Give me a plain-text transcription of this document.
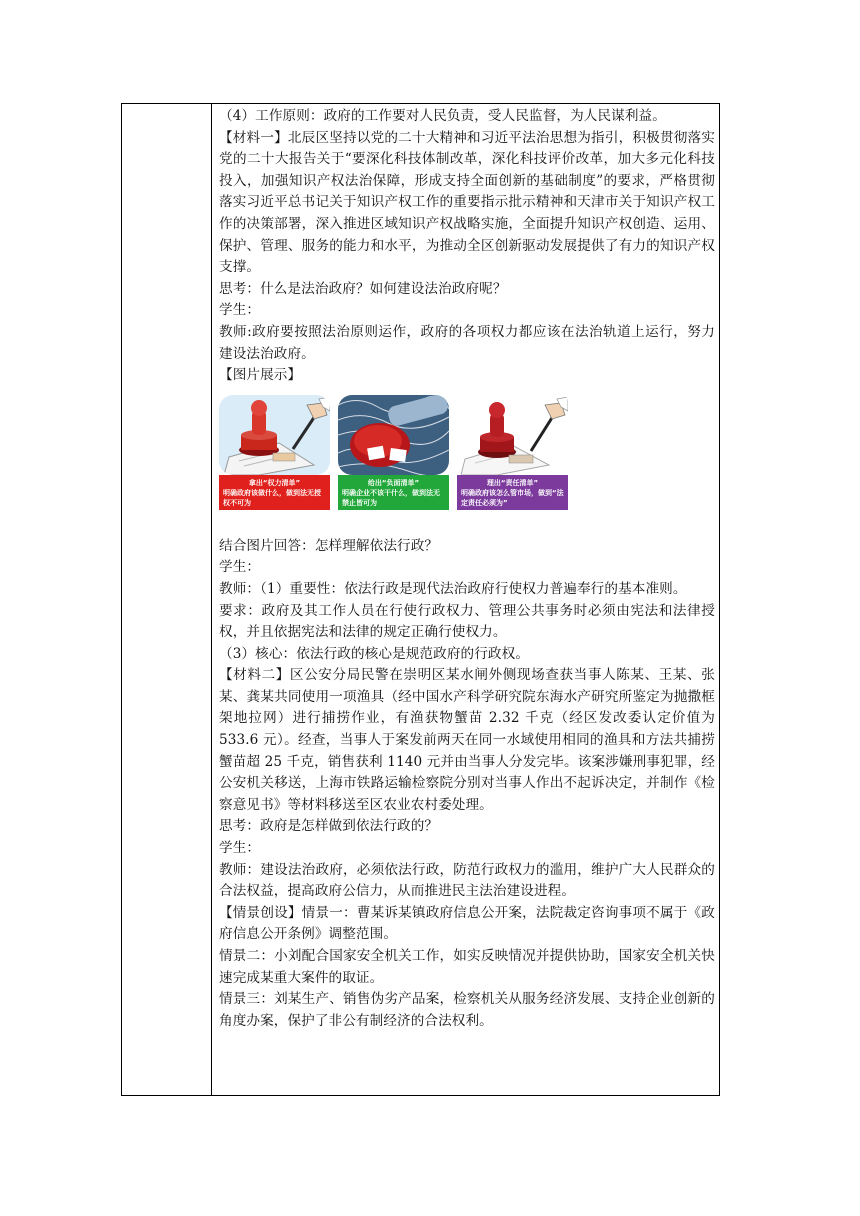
（4）工作原则：政府的工作要对人民负责，受人民监督，为人民谋利益。

【材料一】北辰区坚持以党的二十大精神和习近平法治思想为指引，积极贯彻落实党的二十大报告关于“要深化科技体制改革，深化科技评价改革，加大多元化科技投入，加强知识产权法治保障，形成支持全面创新的基础制度”的要求，严格贯彻落实习近平总书记关于知识产权工作的重要指示批示精神和天津市关于知识产权工作的决策部署，深入推进区域知识产权战略实施，全面提升知识产权创造、运用、保护、管理、服务的能力和水平，为推动全区创新驱动发展提供了有力的知识产权支撑。

思考：什么是法治政府？如何建设法治政府呢？

学生：

教师:政府要按照法治原则运作，政府的各项权力都应该在法治轨道上运行，努力建设法治政府。

【图片展示】

拿出“权力清单”
明确政府该做什么，做到法无授权不可为
给出“负面清单”
明确企业不该干什么，做到法无禁止皆可为
理出“责任清单”
明确政府该怎么管市场，做到“法定责任必须为”

结合图片回答：怎样理解依法行政？

学生：

教师：（1）重要性：依法行政是现代法治政府行使权力普遍奉行的基本准则。

要求：政府及其工作人员在行使行政权力、管理公共事务时必须由宪法和法律授权，并且依据宪法和法律的规定正确行使权力。

（3）核心：依法行政的核心是规范政府的行政权。

【材料二】区公安分局民警在崇明区某水闸外侧现场查获当事人陈某、王某、张某、龚某共同使用一项渔具（经中国水产科学研究院东海水产研究所鉴定为抛撒框架地拉网）进行捕捞作业，有渔获物蟹苗 2.32 千克（经区发改委认定价值为 533.6 元）。经查，当事人于案发前两天在同一水域使用相同的渔具和方法共捕捞蟹苗超 25 千克，销售获利 1140 元并由当事人分发完毕。该案涉嫌刑事犯罪，经公安机关移送，上海市铁路运输检察院分别对当事人作出不起诉决定，并制作《检察意见书》等材料移送至区农业农村委处理。

思考：政府是怎样做到依法行政的？

学生：

教师：建设法治政府，必须依法行政，防范行政权力的滥用，维护广大人民群众的合法权益，提高政府公信力，从而推进民主法治建设进程。

【情景创设】情景一：曹某诉某镇政府信息公开案，法院裁定咨询事项不属于《政府信息公开条例》调整范围。

情景二：小刘配合国家安全机关工作，如实反映情况并提供协助，国家安全机关快速完成某重大案件的取证。

情景三：刘某生产、销售伪劣产品案，检察机关从服务经济发展、支持企业创新的角度办案，保护了非公有制经济的合法权利。
